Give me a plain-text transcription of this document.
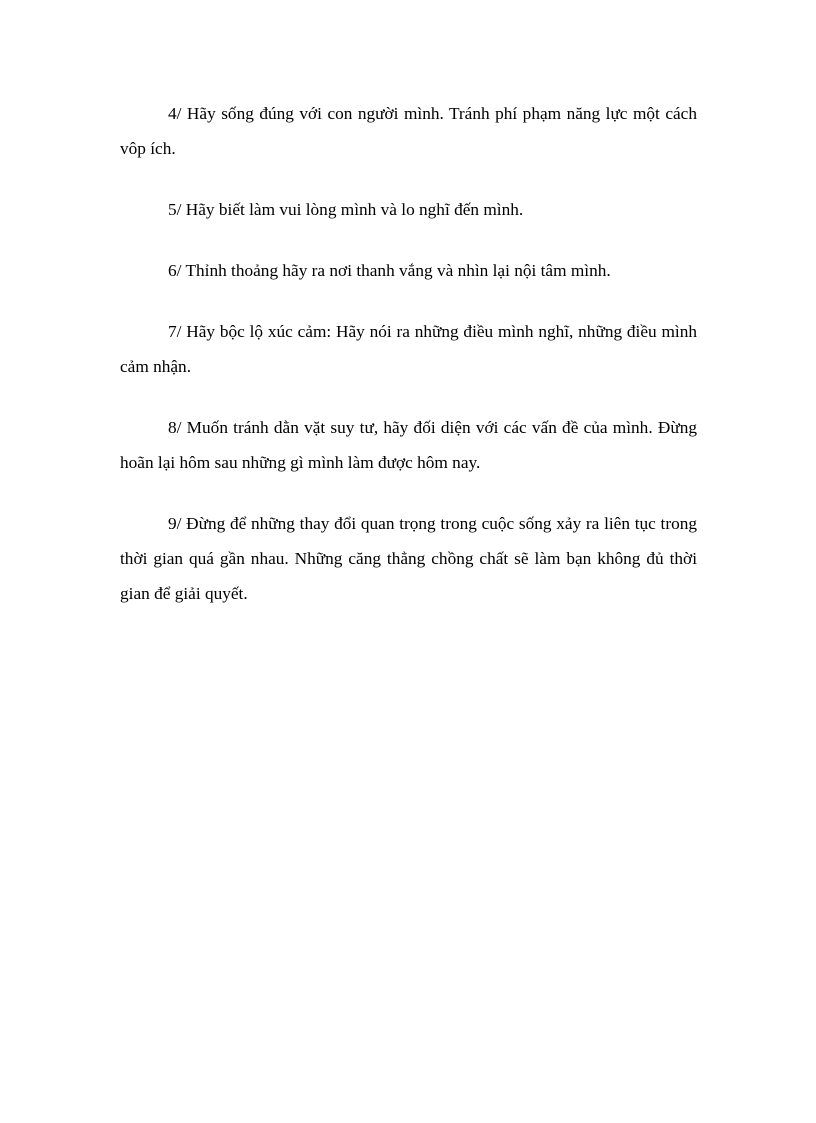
4/ Hãy sống đúng với con người mình. Tránh phí phạm năng lực một cách vôp ích.

5/ Hãy biết làm vui lòng mình và lo nghĩ đến mình.

6/ Thỉnh thoảng hãy ra nơi thanh vắng và nhìn lại nội tâm mình.

7/ Hãy bộc lộ xúc cảm: Hãy nói ra những điều mình nghĩ, những điều mình cảm nhận.

8/ Muốn tránh dằn vặt suy tư, hãy đối diện với các vấn đề của mình. Đừng hoãn lại hôm sau những gì mình làm được hôm nay.

9/ Đừng để những thay đổi quan trọng trong cuộc sống xảy ra liên tục trong thời gian quá gần nhau. Những căng thẳng chồng chất sẽ làm bạn không đủ thời gian để giải quyết.
